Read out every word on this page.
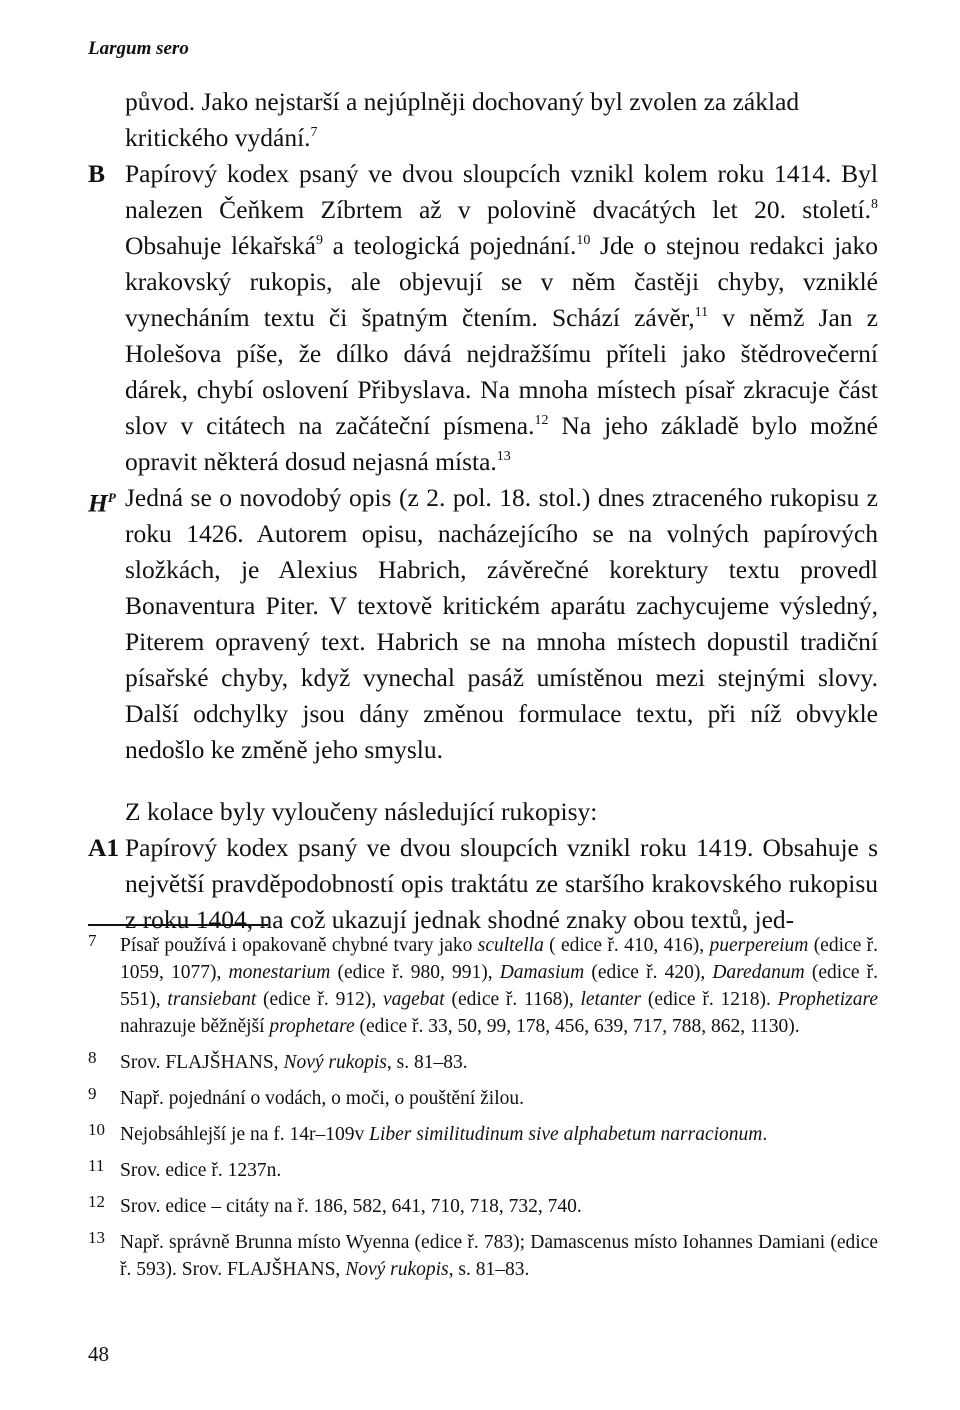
Largum sero

původ. Jako nejstarší a nejúplněji dochovaný byl zvolen za základ kritického vydání.$^7$

B Papírový kodex psaný ve dvou sloupcích vznikl kolem roku 1414. Byl nalezen Čeňkem Zíbrtem až v polovině dvacátých let 20. století.$^8$ Obsahuje lékařská$^9$ a teologická pojednání.$^{10}$ Jde o stejnou redakci jako krakovský rukopis, ale objevují se v něm častěji chyby, vzniklé vynecháním textu či špatným čtením. Schází závěr,$^{11}$ v němž Jan z Holešova píše, že dílko dává nejdražšímu příteli jako štědrovečerní dárek, chybí oslovení Přibyslava. Na mnoha místech písař zkracuje část slov v citátech na začáteční písmena.$^{12}$ Na jeho základě bylo možné opravit některá dosud nejasná místa.$^{13}$

$H^P$ Jedná se o novodobý opis (z 2. pol. 18. stol.) dnes ztraceného rukopisu z roku 1426. Autorem opisu, nacházejícího se na volných papírových složkách, je Alexius Habrich, závěrečné korektury textu provedl Bonaventura Piter. V textově kritickém aparátu zachycujeme výsledný, Piterem opravený text. Habrich se na mnoha místech dopustil tradiční písařské chyby, když vynechal pasáž umístěnou mezi stejnými slovy. Další odchylky jsou dány změnou formulace textu, při níž obvykle nedošlo ke změně jeho smyslu.

Z kolace byly vyloučeny následující rukopisy:

A1 Papírový kodex psaný ve dvou sloupcích vznikl roku 1419. Obsahuje s největší pravděpodobností opis traktátu ze staršího krakovského rukopisu z roku 1404, na což ukazují jednak shodné znaky obou textů, jed-

7 Písař používá i opakovaně chybné tvary jako scultella ( edice ř. 410, 416), puerpereium (edice ř. 1059, 1077), monestarium (edice ř. 980, 991), Damasium (edice ř. 420), Daredanum (edice ř. 551), transiebant (edice ř. 912), vagebat (edice ř. 1168), letanter (edice ř. 1218). Prophetizare nahrazuje běžnější prophetare (edice ř. 33, 50, 99, 178, 456, 639, 717, 788, 862, 1130).
8 Srov. FLAJŠHANS, Nový rukopis, s. 81–83.
9 Např. pojednání o vodách, o moči, o pouštění žilou.
10 Nejobsáhlejší je na f. 14r–109v Liber similitudinum sive alphabetum narracionum.
11 Srov. edice ř. 1237n.
12 Srov. edice – citáty na ř. 186, 582, 641, 710, 718, 732, 740.
13 Např. správně Brunna místo Wyenna (edice ř. 783); Damascenus místo Iohannes Damiani (edice ř. 593). Srov. FLAJŠHANS, Nový rukopis, s. 81–83.
48
